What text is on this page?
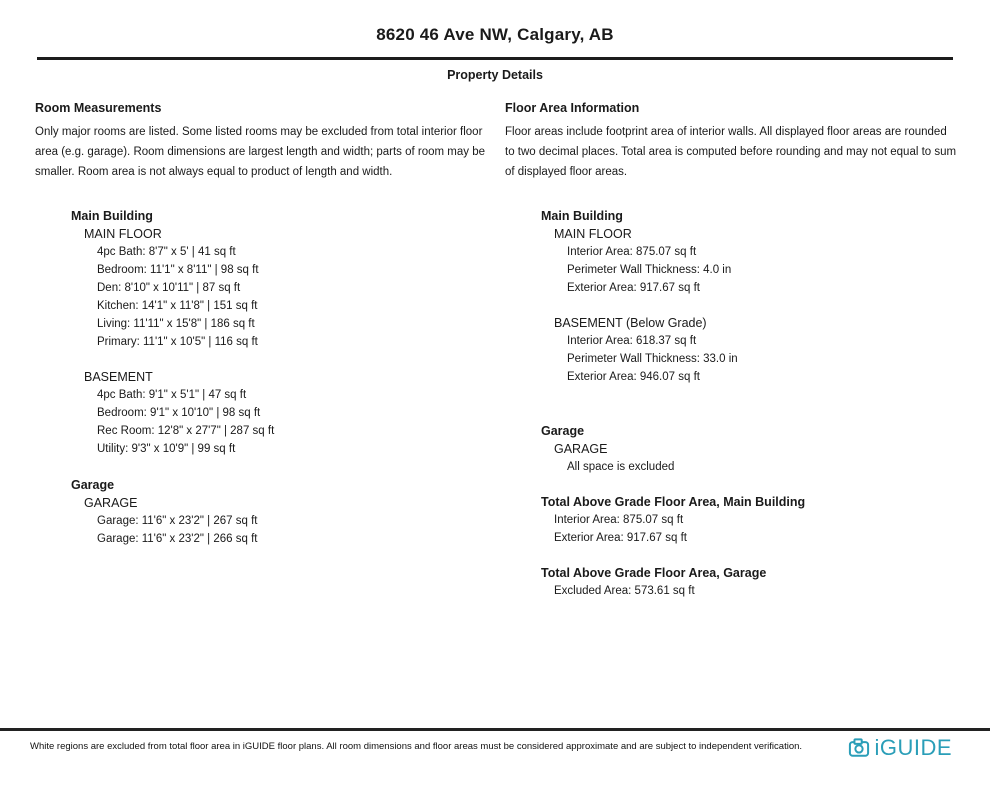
8620 46 Ave NW, Calgary, AB
Property Details
Room Measurements

Only major rooms are listed. Some listed rooms may be excluded from total interior floor area (e.g. garage). Room dimensions are largest length and width; parts of room may be smaller. Room area is not always equal to product of length and width.

Main Building
MAIN FLOOR
4pc Bath: 8'7" x 5' | 41 sq ft
Bedroom: 11'1" x 8'11" | 98 sq ft
Den: 8'10" x 10'11" | 87 sq ft
Kitchen: 14'1" x 11'8" | 151 sq ft
Living: 11'11" x 15'8" | 186 sq ft
Primary: 11'1" x 10'5" | 116 sq ft
BASEMENT
4pc Bath: 9'1" x 5'1" | 47 sq ft
Bedroom: 9'1" x 10'10" | 98 sq ft
Rec Room: 12'8" x 27'7" | 287 sq ft
Utility: 9'3" x 10'9" | 99 sq ft
Garage
GARAGE
Garage: 11'6" x 23'2" | 267 sq ft
Garage: 11'6" x 23'2" | 266 sq ft
Floor Area Information

Floor areas include footprint area of interior walls. All displayed floor areas are rounded to two decimal places. Total area is computed before rounding and may not equal to sum of displayed floor areas.

Main Building
MAIN FLOOR
Interior Area: 875.07 sq ft
Perimeter Wall Thickness: 4.0 in
Exterior Area: 917.67 sq ft
BASEMENT (Below Grade)
Interior Area: 618.37 sq ft
Perimeter Wall Thickness: 33.0 in
Exterior Area: 946.07 sq ft
Garage
GARAGE
All space is excluded
Total Above Grade Floor Area, Main Building
Interior Area: 875.07 sq ft
Exterior Area: 917.67 sq ft
Total Above Grade Floor Area, Garage
Excluded Area: 573.61 sq ft
White regions are excluded from total floor area in iGUIDE floor plans. All room dimensions and floor areas must be considered approximate and are subject to independent verification.	iGUIDE
